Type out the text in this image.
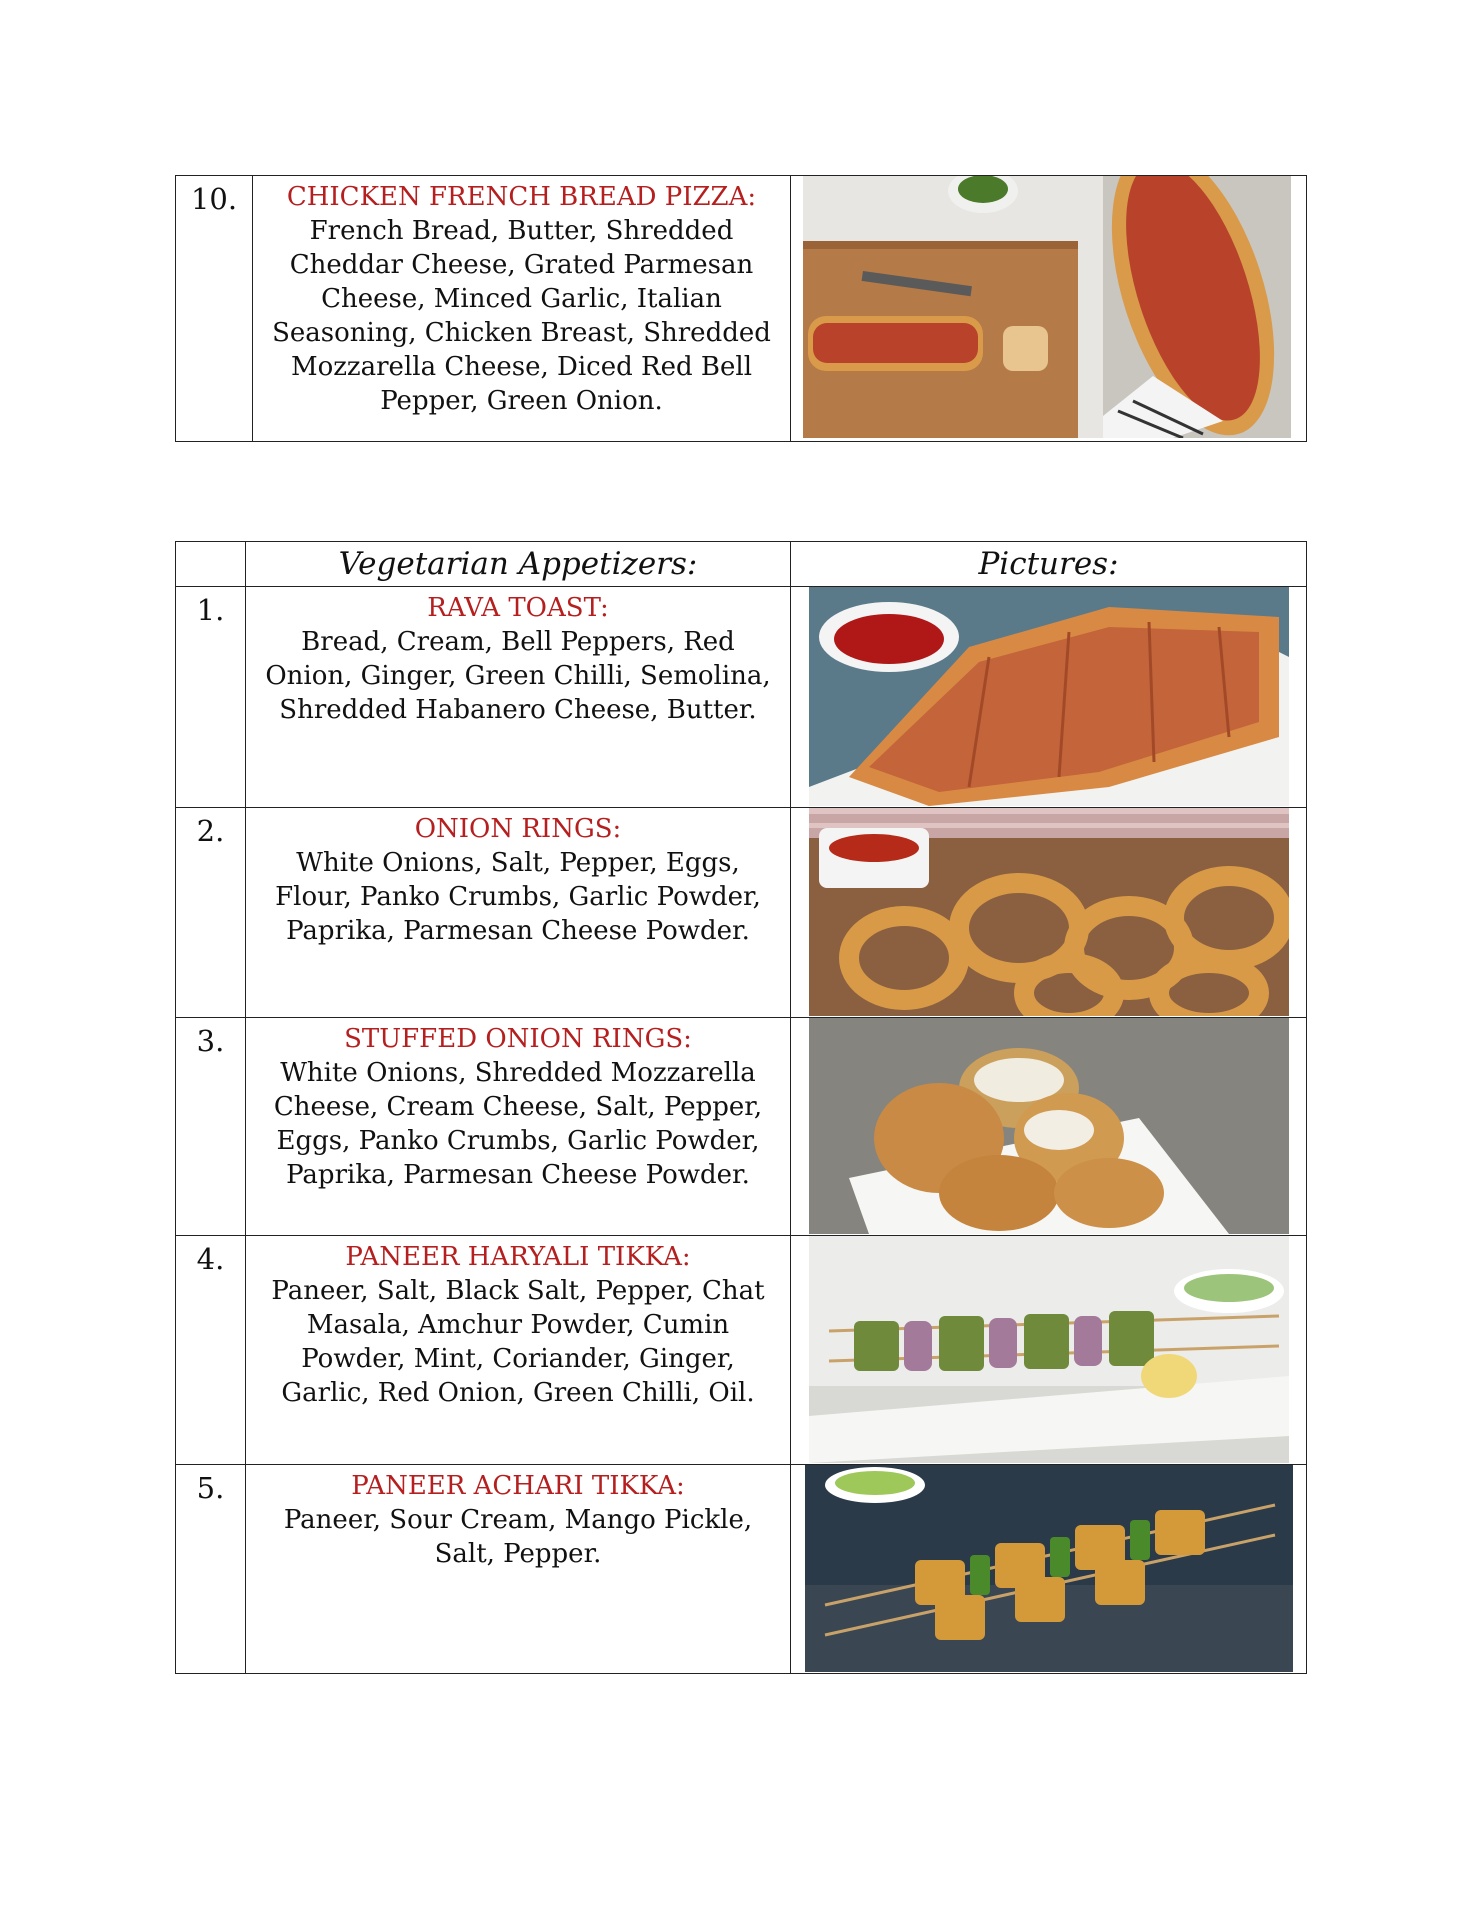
10.	CHICKEN FRENCH BREAD PIZZA:
French Bread, Butter, Shredded Cheddar Cheese, Grated Parmesan Cheese, Minced Garlic, Italian Seasoning, Chicken Breast, Shredded Mozzarella Cheese, Diced Red Bell Pepper, Green Onion.

	Vegetarian Appetizers:	Pictures:
1.	RAVA TOAST:
Bread, Cream, Bell Peppers, Red Onion, Ginger, Green Chilli, Semolina, Shredded Habanero Cheese, Butter.

2.	ONION RINGS:
White Onions, Salt, Pepper, Eggs, Flour, Panko Crumbs, Garlic Powder, Paprika, Parmesan Cheese Powder.

3.	STUFFED ONION RINGS:
White Onions, Shredded Mozzarella Cheese, Cream Cheese, Salt, Pepper, Eggs, Panko Crumbs, Garlic Powder, Paprika, Parmesan Cheese Powder.

4.	PANEER HARYALI TIKKA:
Paneer, Salt, Black Salt, Pepper, Chat Masala, Amchur Powder, Cumin Powder, Mint, Coriander, Ginger, Garlic, Red Onion, Green Chilli, Oil.

5.	PANEER ACHARI TIKKA:
Paneer, Sour Cream, Mango Pickle, Salt, Pepper.
